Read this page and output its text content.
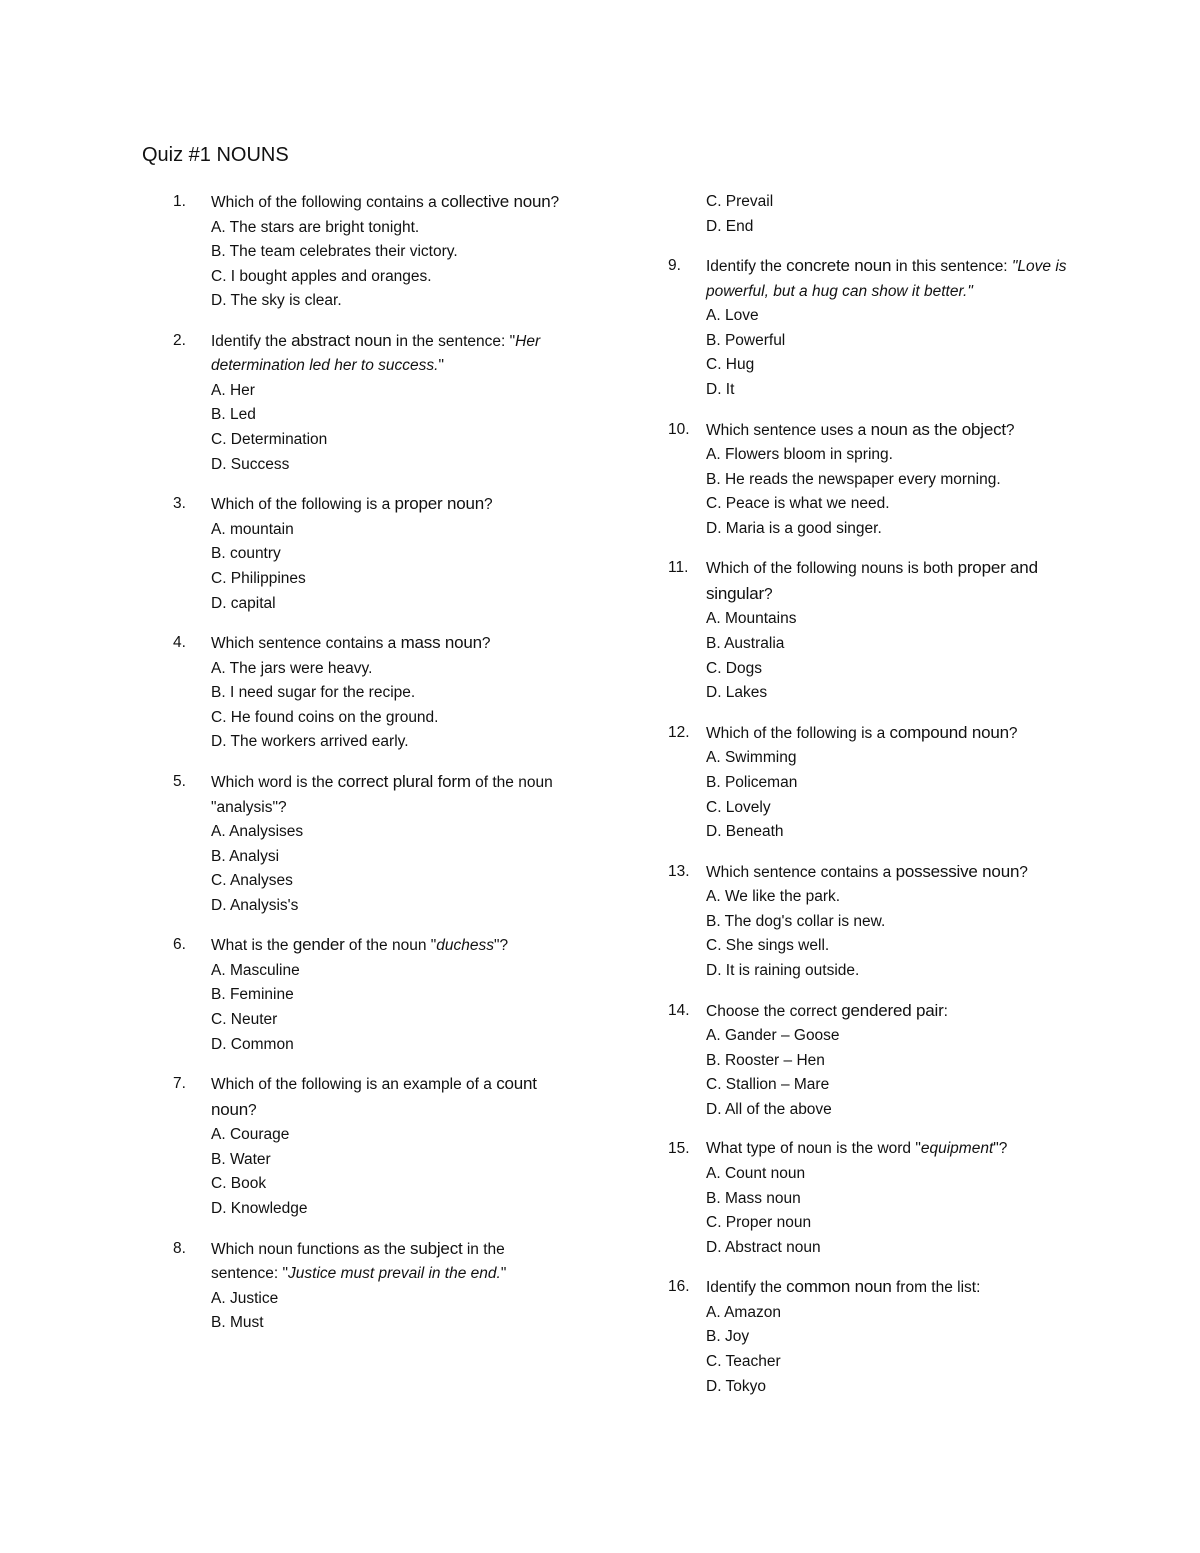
Quiz #1 NOUNS
1.	Which of the following contains a collective noun?
A. The stars are bright tonight.
B. The team celebrates their victory.
C. I bought apples and oranges.
D. The sky is clear.
2.	Identify the abstract noun in the sentence: "Her determination led her to success."
A. Her
B. Led
C. Determination
D. Success
3.	Which of the following is a proper noun?
A. mountain
B. country
C. Philippines
D. capital
4.	Which sentence contains a mass noun?
A. The jars were heavy.
B. I need sugar for the recipe.
C. He found coins on the ground.
D. The workers arrived early.
5.	Which word is the correct plural form of the noun "analysis"?
A. Analysises
B. Analysi
C. Analyses
D. Analysis's
6.	What is the gender of the noun "duchess"?
A. Masculine
B. Feminine
C. Neuter
D. Common
7.	Which of the following is an example of a count noun?
A. Courage
B. Water
C. Book
D. Knowledge
8.	Which noun functions as the subject in the sentence: "Justice must prevail in the end."
A. Justice
B. Must
C. Prevail
D. End
9.	Identify the concrete noun in this sentence: "Love is powerful, but a hug can show it better."
A. Love
B. Powerful
C. Hug
D. It
10.	Which sentence uses a noun as the object?
A. Flowers bloom in spring.
B. He reads the newspaper every morning.
C. Peace is what we need.
D. Maria is a good singer.
11.	Which of the following nouns is both proper and singular?
A. Mountains
B. Australia
C. Dogs
D. Lakes
12.	Which of the following is a compound noun?
A. Swimming
B. Policeman
C. Lovely
D. Beneath
13.	Which sentence contains a possessive noun?
A. We like the park.
B. The dog's collar is new.
C. She sings well.
D. It is raining outside.
14.	Choose the correct gendered pair:
A. Gander – Goose
B. Rooster – Hen
C. Stallion – Mare
D. All of the above
15.	What type of noun is the word "equipment"?
A. Count noun
B. Mass noun
C. Proper noun
D. Abstract noun
16.	Identify the common noun from the list:
A. Amazon
B. Joy
C. Teacher
D. Tokyo
